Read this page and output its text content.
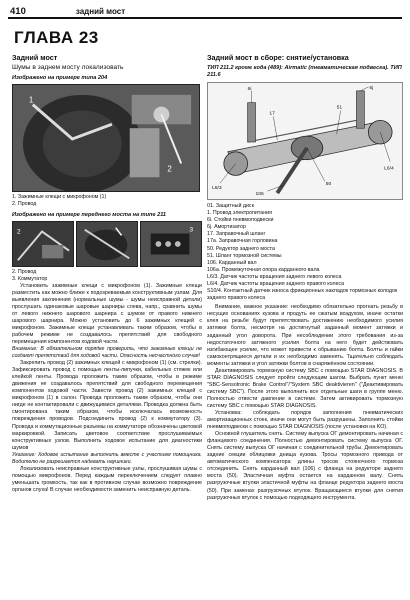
410	задний мост
ГЛАВА 23
Задний мост
Шумы в заднем мосту локализовать
Изображено на примере типа 204
1
2
1. Зажимные клещи с микрофоном (1)
2. Провод
Изображено на примере переднего моста на типе 211
2	3
2. Провод
3. Коммутатор
Установить зажимные клещи с микрофоном (1). Зажимные клещи разместить как можно ближе к подозреваемым конструктивным узлам. Для выявления заклинения (нормальные шумы - шумы неисправной детали) прослушать одинаковые шаровые шарниры слева, напр., сравнить шумы от левого нижнего шарового шарнира с шумом от правого нижнего шарового шарнира. Можно установить до 6 зажимных клещей с микрофоном. Зажимные клещи устанавливать таким образом, чтобы в рабочем режиме не создавалось препятствий для свободного перемещения компонентов ходовой части.
Внимание: В обязательном порядке проверить, что зажимные клещи не создают препятствий для ходовой части. Опасность несчастного случая!
Закрепить провод (2) зажимных клещей с микрофоном (1) (см. стрелки). Зафиксировать провод с помощью ленты-липучки, кабельных стяжек или клейкой ленты. Провода проложить таким образом, чтобы в режиме движения не создавалось препятствий для свободного перемещения компонентов ходовой части. Завести провод (2) зажимных клещей с микрофоном (1) в салон. Провода проложить таким образом, чтобы они нигде не контактировали с движущимися деталями. Проводка должна быть смонтирована таким образом, чтобы исключалась возможность повреждения проводов. Подсоединить провод (2) к коммутатору (3). Провода и коммутационные разъемы на коммутаторе обозначены цветовой маркировкой. Записать цветовое соответствие прослушиваемых конструктивных узлов. Выполнить ходовое испытание для диагностики шумов
Указание: Ходовое испытание выполнить вместе с участием помощника. Водителю не разрешается надевать наушники.
Локализовать неисправные конструктивные узлы, прослушивая шумы с помощью микрофонов. Перед каждым переключением следует плавно уменьшать громкость, так как в противном случае возможно повреждение органов слуха! В случае необходимости заменить неисправную деталь.
Задний мост в сборе: снятие/установка
ТИП 211.2 кроме кода (489): Airmatic (пневматическая подвеска). ТИП 211.6
6i	6j
50
106
L6/3
L6/4
51
17
01. Защитный диск
1. Провод электропитания
6i. Стойки пневмоподвески
6j. Амортизатор
17. Заправочный шланг
17a. Заправочная горловина
50. Редуктор заднего моста
51. Шланг тормозной системы
106. Карданный вал
106a. Промежуточная опора карданного вала
L6/3. Датчик частоты вращения заднего левого колеса
L6/4. Датчик частоты вращения заднего правого колеса
S10/4. Контактный датчик износа фрикционных накладок тормозных колодок заднего правого колеса
Внимание, важное указание: необходимо обязательно прогнать резьбу в несущих основаниях кузова и продуть ее сжатым воздухом, иначе остатки клея на резьбе будут препятствовать достижению необходимого усилия затяжки болта, несмотря на достигнутый заданный момент затяжки и заданный угол доворота. При несоблюдении этого требования из-за недостаточного затяжного усилия болта на него будет действовать изгибающее усилие, что может привести к обрыванию болта. Болты и гайки самоконтрящиеся детали и их необходимо заменять. Тщательно соблюдать моменты затяжки и угол затяжки болтов в снаряжённом состоянии.
Деактивировать тормозную систему SBC с помощью STAR DIAGNOSIS. В STAR DIAGNOSIS следует пройти следующим шагом. Выбрать пункт меню "SBC-Sensotronic Brake Control"/"System SBC deaktivieren" ("Деактивировать систему SBC"). После этого выполнить все отдельные шаги в группе меню. Полностью отвести давление в системе. Затем активировать тормозную систему SBC с помощью STAR DIAGNOSIS.
Установка: соблюдать порядок заполнения пневматических амортизационных стоек, иначе они могут быть разрушены. Заполнить стойки пневмоподвески с помощью STAR DIAGNOSIS (после установки на KO).
Основной глушитель снять. Систему выпуска ОГ демонтировать начиная с фланцевого соединения. Полностью демонтировать систему выпуска ОГ. Снять систему выпуска ОГ начиная с соединительной трубы. Демонтировать задние секции облицовки днища кузова. Тросы тормозного привода от автоматического компенсатора длины тросов стояночного тормоза отсоединить. Снять карданный вал (106) с фланца на редукторе заднего моста (50). Эластичная муфта остается на карданном валу. Снять разгрузочные втулки эластичной муфты на фланце редуктора заднего моста (50). При заменах разгрузочных втулок. Вращающиеся втулки для снятия разгрузочных втулок с помощью подходящего инструмента.
